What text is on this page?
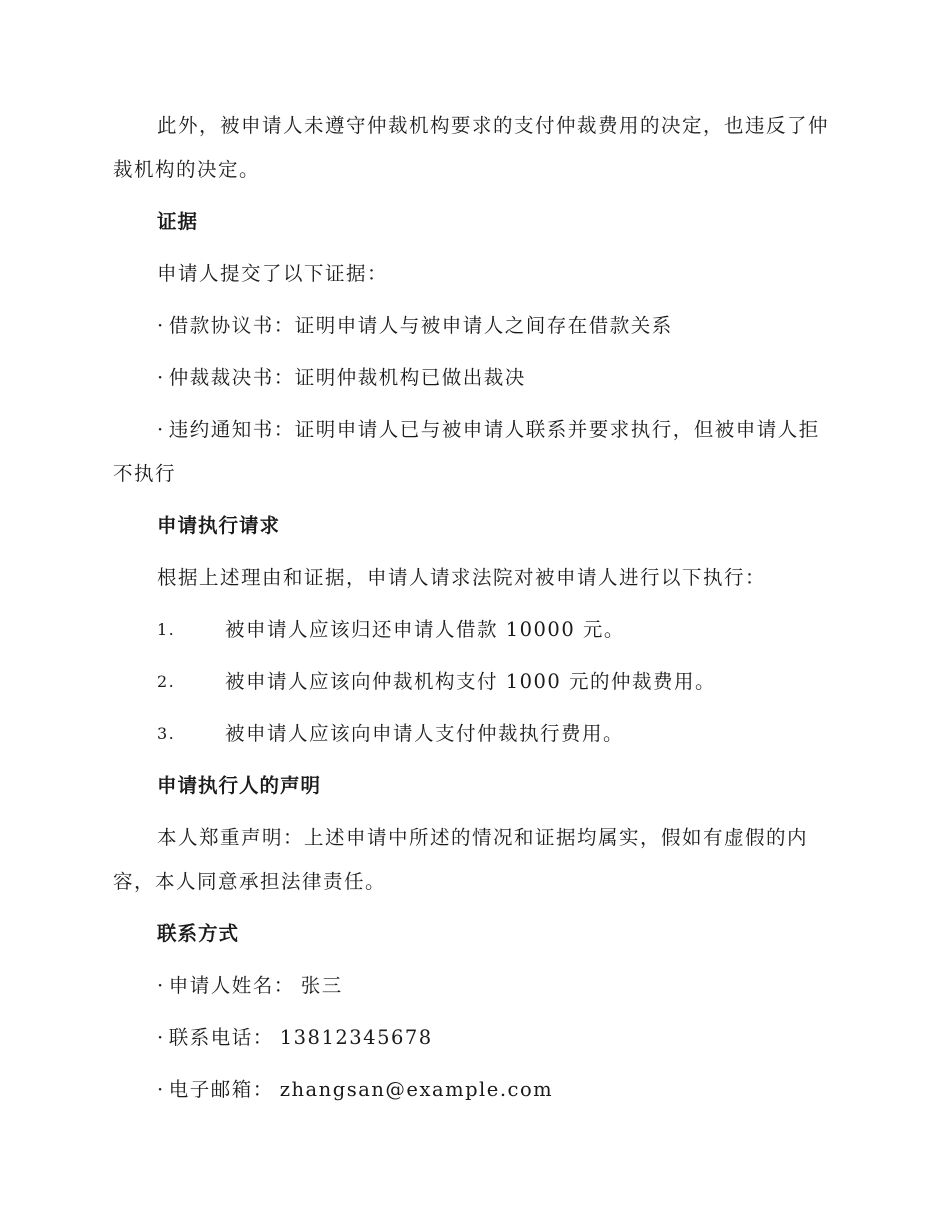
此外，被申请人未遵守仲裁机构要求的支付仲裁费用的决定，也违反了仲裁机构的决定。

证据

申请人提交了以下证据：

· 借款协议书：证明申请人与被申请人之间存在借款关系

· 仲裁裁决书：证明仲裁机构已做出裁决

· 违约通知书：证明申请人已与被申请人联系并要求执行，但被申请人拒不执行

申请执行请求

根据上述理由和证据，申请人请求法院对被申请人进行以下执行：

1.	被申请人应该归还申请人借款 10000 元。
2.	被申请人应该向仲裁机构支付 1000 元的仲裁费用。
3.	被申请人应该向申请人支付仲裁执行费用。
申请执行人的声明

本人郑重声明：上述申请中所述的情况和证据均属实，假如有虚假的内容，本人同意承担法律责任。

联系方式

· 申请人姓名： 张三

· 联系电话： 13812345678

· 电子邮箱： zhangsan@example.com
